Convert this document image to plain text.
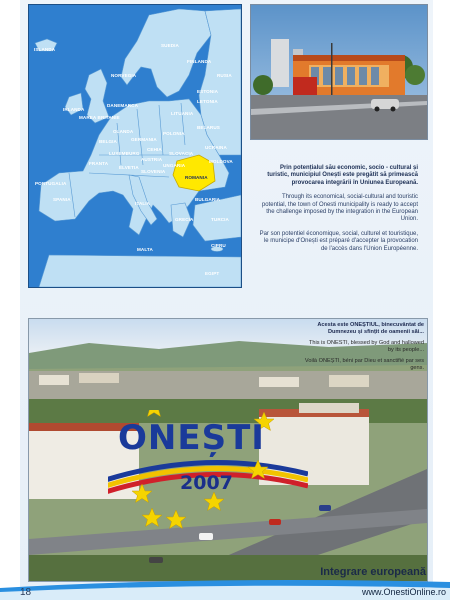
ISLANDA
SUEDIA
NORVEGIA
FINLANDA
RUSIA
ESTONIA
LETONIA
DANEMARCA
IRLANDA
MAREA BRITANIE
LITUANIA
OLANDA
BELARUS
BELGIA	GERMANIA
POLONIA
CEHIA	UCRAINA
LUXEMBURG	SLOVACIA
MOLDOVA
FRANTA
AUSTRIA
UNGARIA
ELVETIA
SLOVENIA
ROMANIA
PORTUGALIA
BULGARIA
SPANIA
ITALIA
GRECIA	TURCIA
MALTA
CIPRU
EGIPT

Prin potențialul său economic, socio - cultural și turistic, municipiul Onești este pregătit să primească provocarea integrării în Uniunea Europeană.

Through its economical, social-cultural and touristic potential, the town of Onesti municipality is ready to accept the challenge imposed by the integration in the European Union.

Par son potentiel économique, social, culturel et touristique, le municipe d'Onești est préparé d'accepter la provocation de l'accès dans l'Union Européenne.

Acesta este ONEȘTIUL, binecuvântat de Dumnezeu și sfințit de oamenii săi...

This is ONESTI, blessed by God and hallowed by its people...

Voilà ONEȘTI, béni par Dieu et sanctifié par ses gens.

ONEȘTI
2007
18
Integrare europeană
www.OnestiOnline.ro
